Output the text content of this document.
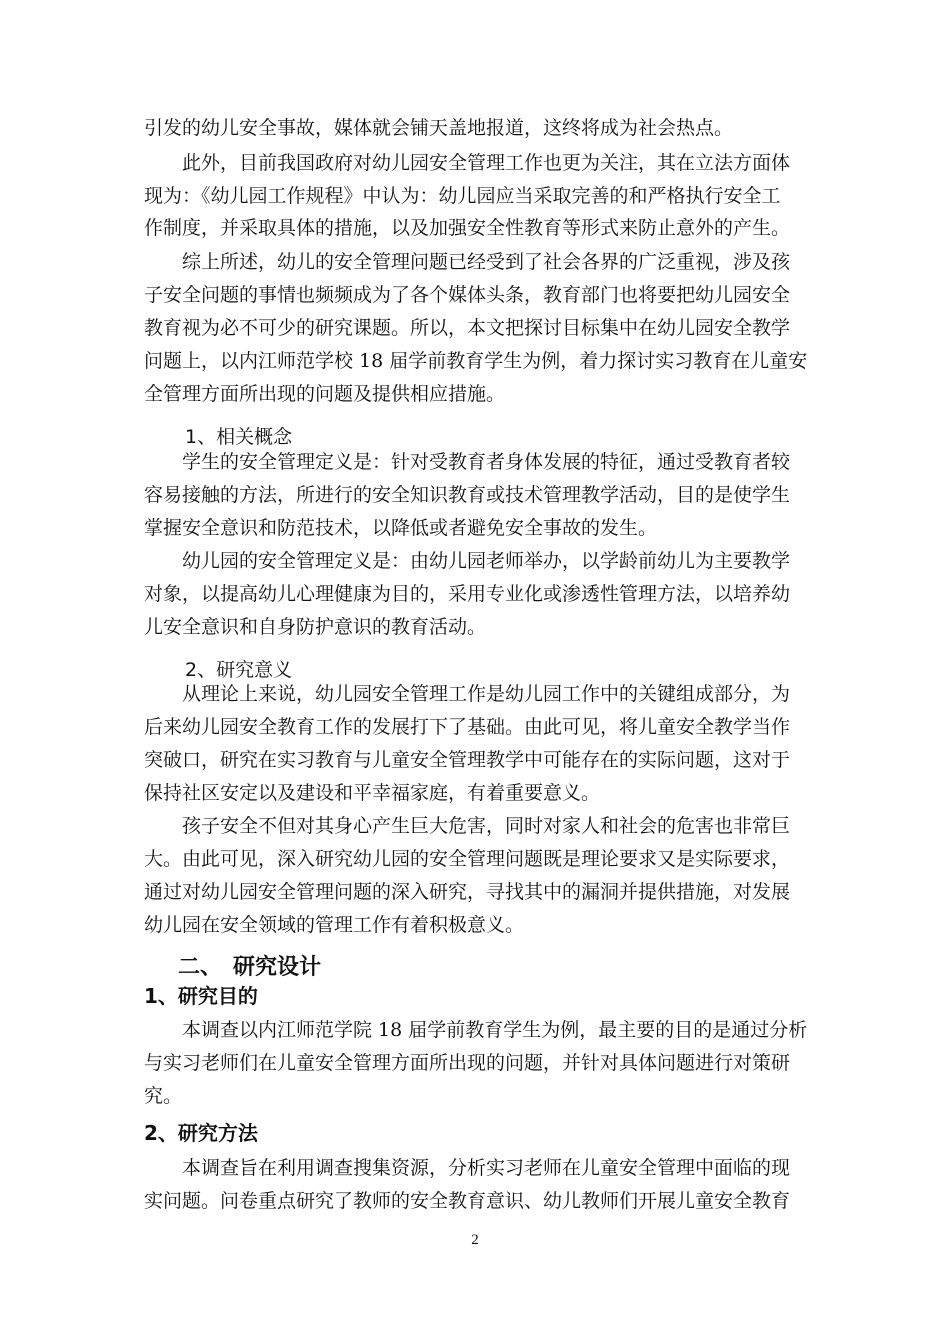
引发的幼儿安全事故，媒体就会铺天盖地报道，这终将成为社会热点。
　　此外，目前我国政府对幼儿园安全管理工作也更为关注，其在立法方面体
现为：《幼儿园工作规程》中认为：幼儿园应当采取完善的和严格执行安全工
作制度，并采取具体的措施，以及加强安全性教育等形式来防止意外的产生。
　　综上所述，幼儿的安全管理问题已经受到了社会各界的广泛重视，涉及孩
子安全问题的事情也频频成为了各个媒体头条，教育部门也将要把幼儿园安全
教育视为必不可少的研究课题。所以，本文把探讨目标集中在幼儿园安全教学
问题上，以内江师范学校 18 届学前教育学生为例，着力探讨实习教育在儿童安
全管理方面所出现的问题及提供相应措施。
1、相关概念
　　学生的安全管理定义是：针对受教育者身体发展的特征，通过受教育者较
容易接触的方法，所进行的安全知识教育或技术管理教学活动，目的是使学生
掌握安全意识和防范技术，以降低或者避免安全事故的发生。
　　幼儿园的安全管理定义是：由幼儿园老师举办，以学龄前幼儿为主要教学
对象，以提高幼儿心理健康为目的，采用专业化或渗透性管理方法，以培养幼
儿安全意识和自身防护意识的教育活动。
2、研究意义
　　从理论上来说，幼儿园安全管理工作是幼儿园工作中的关键组成部分，为
后来幼儿园安全教育工作的发展打下了基础。由此可见，将儿童安全教学当作
突破口，研究在实习教育与儿童安全管理教学中可能存在的实际问题，这对于
保持社区安定以及建设和平幸福家庭，有着重要意义。
　　孩子安全不但对其身心产生巨大危害，同时对家人和社会的危害也非常巨
大。由此可见，深入研究幼儿园的安全管理问题既是理论要求又是实际要求，
通过对幼儿园安全管理问题的深入研究，寻找其中的漏洞并提供措施，对发展
幼儿园在安全领域的管理工作有着积极意义。
二、　研究设计
1、研究目的
　　本调查以内江师范学院 18 届学前教育学生为例，最主要的目的是通过分析
与实习老师们在儿童安全管理方面所出现的问题，并针对具体问题进行对策研
究。
2、研究方法
　　本调查旨在利用调查搜集资源，分析实习老师在儿童安全管理中面临的现
实问题。问卷重点研究了教师的安全教育意识、幼儿教师们开展儿童安全教育
2
